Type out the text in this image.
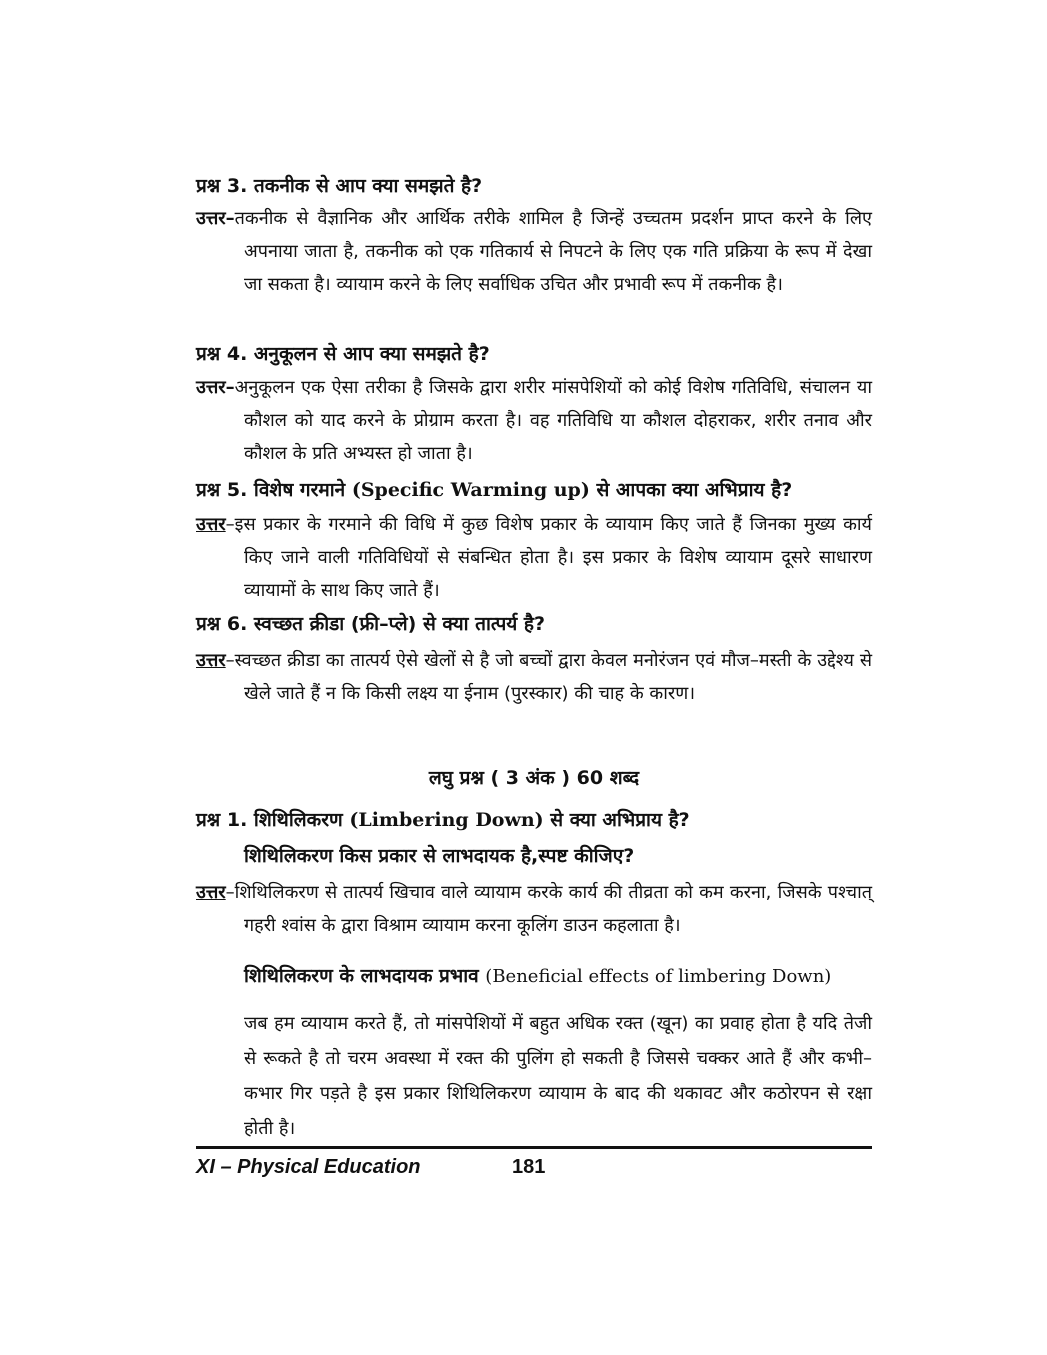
प्रश्न 3. तकनीक से आप क्या समझते है?
उत्तर–तकनीक से वैज्ञानिक और आर्थिक तरीके शामिल है जिन्हें उच्चतम प्रदर्शन प्राप्त करने के लिए अपनाया जाता है, तकनीक को एक गतिकार्य से निपटने के लिए एक गति प्रक्रिया के रूप में देखा जा सकता है। व्यायाम करने के लिए सर्वाधिक उचित और प्रभावी रूप में तकनीक है।
प्रश्न 4. अनुकूलन से आप क्या समझते है?
उत्तर–अनुकूलन एक ऐसा तरीका है जिसके द्वारा शरीर मांसपेशियों को कोई विशेष गतिविधि, संचालन या कौशल को याद करने के प्रोग्राम करता है। वह गतिविधि या कौशल दोहराकर, शरीर तनाव और कौशल के प्रति अभ्यस्त हो जाता है।
प्रश्न 5. विशेष गरमाने (Specific Warming up) से आपका क्या अभिप्राय है?
उत्तर–इस प्रकार के गरमाने की विधि में कुछ विशेष प्रकार के व्यायाम किए जाते हैं जिनका मुख्य कार्य किए जाने वाली गतिविधियों से संबन्धित होता है। इस प्रकार के विशेष व्यायाम दूसरे साधारण व्यायामों के साथ किए जाते हैं।
प्रश्न 6. स्वच्छत क्रीडा (फ्री–प्ले) से क्या तात्पर्य है?
उत्तर–स्वच्छत क्रीडा का तात्पर्य ऐसे खेलों से है जो बच्चों द्वारा केवल मनोरंजन एवं मौज–मस्ती के उद्देश्य से खेले जाते हैं न कि किसी लक्ष्य या ईनाम (पुरस्कार) की चाह के कारण।
लघु प्रश्न ( 3 अंक ) 60 शब्द
प्रश्न 1. शिथिलिकरण (Limbering Down) से क्या अभिप्राय है?
शिथिलिकरण किस प्रकार से लाभदायक है,स्पष्ट कीजिए?
उत्तर–शिथिलिकरण से तात्पर्य खिचाव वाले व्यायाम करके कार्य की तीव्रता को कम करना, जिसके पश्चात् गहरी श्वांस के द्वारा विश्राम व्यायाम करना कूलिंग डाउन कहलाता है।
शिथिलिकरण के लाभदायक प्रभाव (Beneficial effects of limbering Down)
जब हम व्यायाम करते हैं, तो मांसपेशियों में बहुत अधिक रक्त (खून) का प्रवाह होता है यदि तेजी से रूकते है तो चरम अवस्था में रक्त की पुलिंग हो सकती है जिससे चक्कर आते हैं और कभी–कभार गिर पड़ते है इस प्रकार शिथिलिकरण व्यायाम के बाद की थकावट और कठोरपन से रक्षा होती है।
XI – Physical Education	181
